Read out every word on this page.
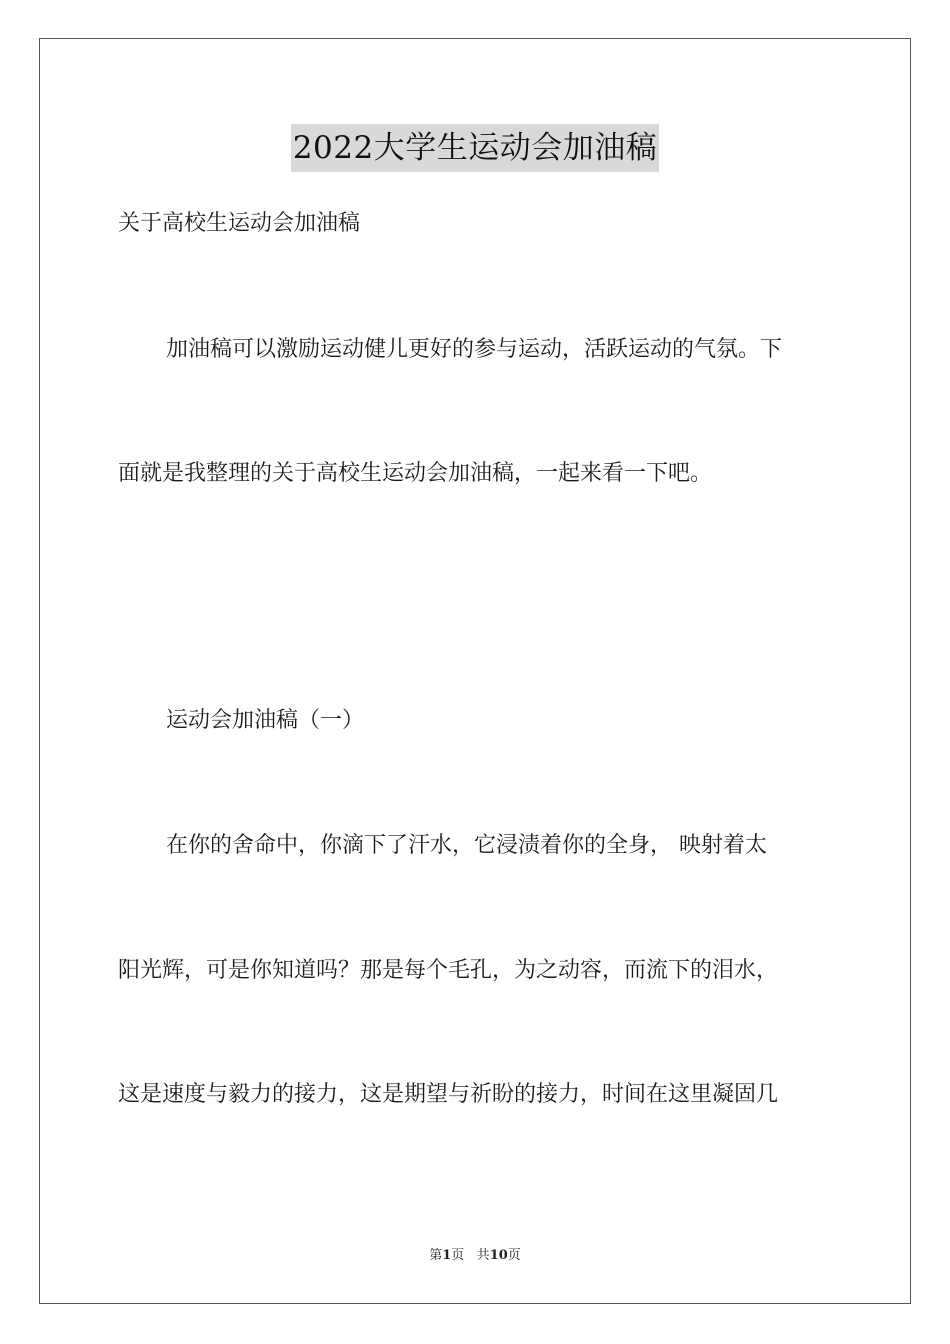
2022大学生运动会加油稿
关于高校生运动会加油稿
加油稿可以激励运动健儿更好的参与运动，活跃运动的气氛。下
面就是我整理的关于高校生运动会加油稿，一起来看一下吧。
运动会加油稿（一）
在你的舍命中，你滴下了汗水，它浸渍着你的全身， 映射着太
阳光辉，可是你知道吗？那是每个毛孔，为之动容，而流下的泪水，
这是速度与毅力的接力，这是期望与祈盼的接力，时间在这里凝固几
第1页 共10页
